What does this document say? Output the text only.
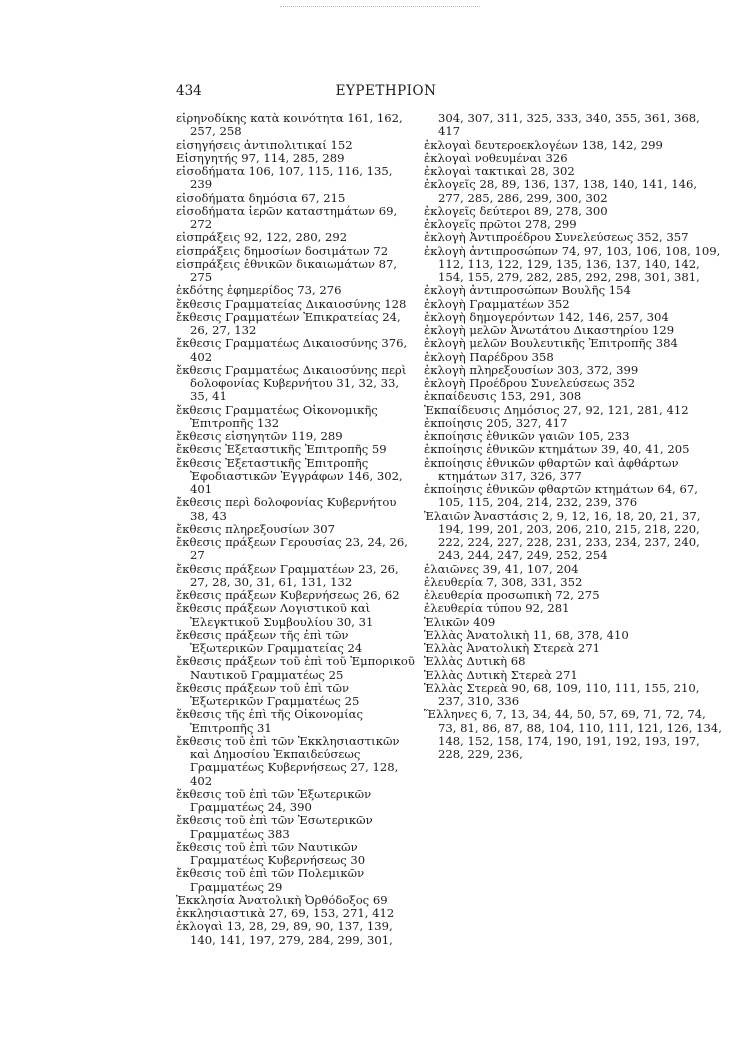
434	ΕΥΡΕΤΗΡΙΟΝ
εἰρηνοδίκης κατὰ κοινότητα 161, 162, 257, 258
εἰσηγήσεις ἀντιπολιτικαί 152
Εἰσηγητής 97, 114, 285, 289
εἰσοδήματα 106, 107, 115, 116, 135, 239
εἰσοδήματα δημόσια 67, 215
εἰσοδήματα ἱερῶν καταστημάτων 69, 272
εἰσπράξεις 92, 122, 280, 292
εἰσπράξεις δημοσίων δοσιμάτων 72
εἰσπράξεις ἐθνικῶν δικαιωμάτων 87, 275
ἐκδότης ἐφημερίδος 73, 276
ἔκθεσις Γραμματείας Δικαιοσύνης 128
ἔκθεσις Γραμματέων Ἐπικρατείας 24, 26, 27, 132
ἔκθεσις Γραμματέως Δικαιοσύνης 376, 402
ἔκθεσις Γραμματέως Δικαιοσύνης περὶ δολοφονίας Κυβερνήτου 31, 32, 33, 35, 41
ἔκθεσις Γραμματέως Οἰκονομικῆς Ἐπιτροπῆς 132
ἔκθεσις εἰσηγητῶν 119, 289
ἔκθεσις Ἐξεταστικῆς Ἐπιτροπῆς 59
ἔκθεσις Ἐξεταστικῆς Ἐπιτροπῆς Ἐφοδιαστικῶν Ἐγγράφων 146, 302, 401
ἔκθεσις περὶ δολοφονίας Κυβερνήτου 38, 43
ἔκθεσις πληρεξουσίων 307
ἔκθεσις πράξεων Γερουσίας 23, 24, 26, 27
ἔκθεσις πράξεων Γραμματέων 23, 26, 27, 28, 30, 31, 61, 131, 132
ἔκθεσις πράξεων Κυβερνήσεως 26, 62
ἔκθεσις πράξεων Λογιστικοῦ καὶ Ἐλεγκτικοῦ Συμβουλίου 30, 31
ἔκθεσις πράξεων τῆς ἐπὶ τῶν Ἐξωτερικῶν Γραμματείας 24
ἔκθεσις πράξεων τοῦ ἐπὶ τοῦ Ἐμπορικοῦ Ναυτικοῦ Γραμματέως 25
ἔκθεσις πράξεων τοῦ ἐπὶ τῶν Ἐξωτερικῶν Γραμματέως 25
ἔκθεσις τῆς ἐπὶ τῆς Οἰκονομίας Ἐπιτροπῆς 31
ἔκθεσις τοῦ ἐπὶ τῶν Ἐκκλησιαστικῶν καὶ Δημοσίου Ἐκπαιδεύσεως Γραμματέως Κυβερνήσεως 27, 128, 402
ἔκθεσις τοῦ ἐπὶ τῶν Ἐξωτερικῶν Γραμματέως 24, 390
ἔκθεσις τοῦ ἐπὶ τῶν Ἐσωτερικῶν Γραμματέως 383
ἔκθεσις τοῦ ἐπὶ τῶν Ναυτικῶν Γραμματέως Κυβερνήσεως 30
ἔκθεσις τοῦ ἐπὶ τῶν Πολεμικῶν Γραμματέως 29
Ἐκκλησία Ἀνατολικὴ Ὀρθόδοξος 69
ἐκκλησιαστικὰ 27, 69, 153, 271, 412
ἐκλογαὶ 13, 28, 29, 89, 90, 137, 139, 140, 141, 197, 279, 284, 299, 301,
304, 307, 311, 325, 333, 340, 355, 361, 368, 417
ἐκλογαὶ δευτεροεκλογέων 138, 142, 299
ἐκλογαὶ νοθευμέναι 326
ἐκλογαὶ τακτικαὶ 28, 302
ἐκλογεῖς 28, 89, 136, 137, 138, 140, 141, 146, 277, 285, 286, 299, 300, 302
ἐκλογεῖς δεύτεροι 89, 278, 300
ἐκλογεῖς πρῶτοι 278, 299
ἐκλογὴ Ἀντιπροέδρου Συνελεύσεως 352, 357
ἐκλογὴ ἀντιπροσώπων 74, 97, 103, 106, 108, 109, 112, 113, 122, 129, 135, 136, 137, 140, 142, 154, 155, 279, 282, 285, 292, 298, 301, 381,
ἐκλογὴ ἀντιπροσώπων Βουλῆς 154
ἐκλογὴ Γραμματέων 352
ἐκλογὴ δημογερόντων 142, 146, 257, 304
ἐκλογὴ μελῶν Ἀνωτάτου Δικαστηρίου 129
ἐκλογὴ μελῶν Βουλευτικῆς Ἐπιτροπῆς 384
ἐκλογὴ Παρέδρου 358
ἐκλογὴ πληρεξουσίων 303, 372, 399
ἐκλογὴ Προέδρου Συνελεύσεως 352
ἐκπαίδευσις 153, 291, 308
Ἐκπαίδευσις Δημόσιος 27, 92, 121, 281, 412
ἐκποίησις 205, 327, 417
ἐκποίησις ἐθνικῶν γαιῶν 105, 233
ἐκποίησις ἐθνικῶν κτημάτων 39, 40, 41, 205
ἐκποίησις ἐθνικῶν φθαρτῶν καὶ ἀφθάρτων κτημάτων 317, 326, 377
ἐκποίησις ἐθνικῶν φθαρτῶν κτημάτων 64, 67, 105, 115, 204, 214, 232, 239, 376
Ἐλαιῶν Ἀναστάσις 2, 9, 12, 16, 18, 20, 21, 37, 194, 199, 201, 203, 206, 210, 215, 218, 220, 222, 224, 227, 228, 231, 233, 234, 237, 240, 243, 244, 247, 249, 252, 254
ἐλαιῶνες 39, 41, 107, 204
ἐλευθερία 7, 308, 331, 352
ἐλευθερία προσωπικὴ 72, 275
ἐλευθερία τύπου 92, 281
Ἑλικῶν 409
Ἑλλὰς Ἀνατολικὴ 11, 68, 378, 410
Ἑλλὰς Ἀνατολικὴ Στερεὰ 271
Ἑλλὰς Δυτικὴ 68
Ἑλλὰς Δυτικὴ Στερεὰ 271
Ἑλλὰς Στερεὰ 90, 68, 109, 110, 111, 155, 210, 237, 310, 336
Ἕλληνες 6, 7, 13, 34, 44, 50, 57, 69, 71, 72, 74, 73, 81, 86, 87, 88, 104, 110, 111, 121, 126, 134, 148, 152, 158, 174, 190, 191, 192, 193, 197, 228, 229, 236,
